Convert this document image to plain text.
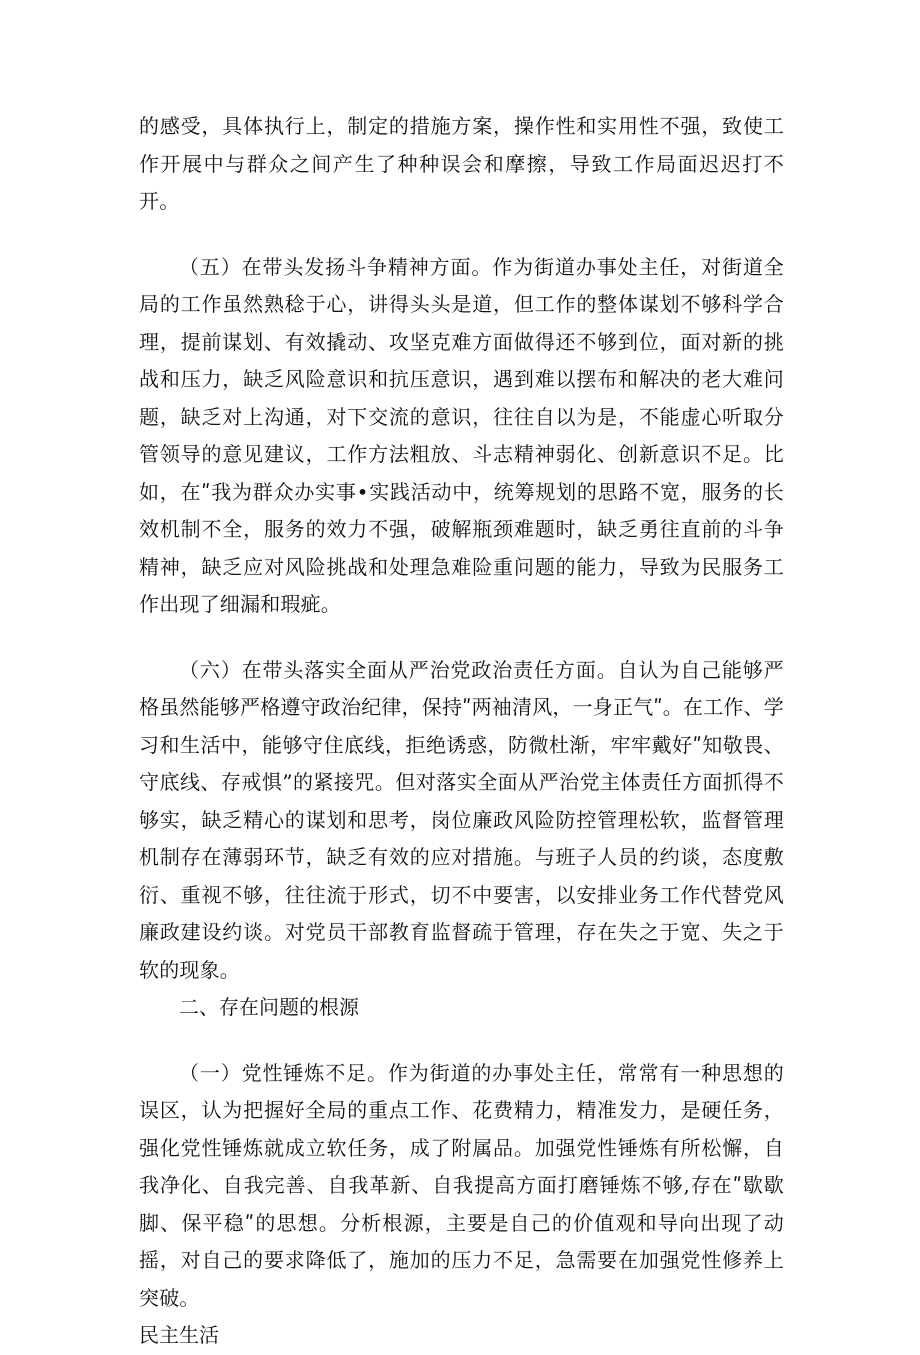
的感受，具体执行上，制定的措施方案，操作性和实用性不强，致使工作开展中与群众之间产生了种种误会和摩擦，导致工作局面迟迟打不开。

（五）在带头发扬斗争精神方面。作为街道办事处主任，对街道全局的工作虽然熟稔于心，讲得头头是道，但工作的整体谋划不够科学合理，提前谋划、有效撬动、攻坚克难方面做得还不够到位，面对新的挑战和压力，缺乏风险意识和抗压意识，遇到难以摆布和解决的老大难问题，缺乏对上沟通，对下交流的意识，往往自以为是，不能虚心听取分管领导的意见建议，工作方法粗放、斗志精神弱化、创新意识不足。比如，在ʺ我为群众办实事•实践活动中，统筹规划的思路不宽，服务的长效机制不全，服务的效力不强，破解瓶颈难题时，缺乏勇往直前的斗争精神，缺乏应对风险挑战和处理急难险重问题的能力，导致为民服务工作出现了细漏和瑕疵。

（六）在带头落实全面从严治党政治责任方面。自认为自己能够严格虽然能够严格遵守政治纪律，保持ʺ两袖清风，一身正气ʺ。在工作、学习和生活中，能够守住底线，拒绝诱惑，防微杜渐，牢牢戴好ʺ知敬畏、守底线、存戒惧”的紧接咒。但对落实全面从严治党主体责任方面抓得不够实，缺乏精心的谋划和思考，岗位廉政风险防控管理松软，监督管理机制存在薄弱环节，缺乏有效的应对措施。与班子人员的约谈，态度敷衍、重视不够，往往流于形式，切不中要害，以安排业务工作代替党风廉政建设约谈。对党员干部教育监督疏于管理，存在失之于宽、失之于软的现象。

二、存在问题的根源

（一）党性锤炼不足。作为街道的办事处主任，常常有一种思想的误区，认为把握好全局的重点工作、花费精力，精准发力，是硬任务，强化党性锤炼就成立软任务，成了附属品。加强党性锤炼有所松懈，自我净化、自我完善、自我革新、自我提高方面打磨锤炼不够,存在ʺ歇歇脚、保平稳ʺ的思想。分析根源，主要是自己的价值观和导向出现了动摇，对自己的要求降低了，施加的压力不足，急需要在加强党性修养上突破。

民主生活
